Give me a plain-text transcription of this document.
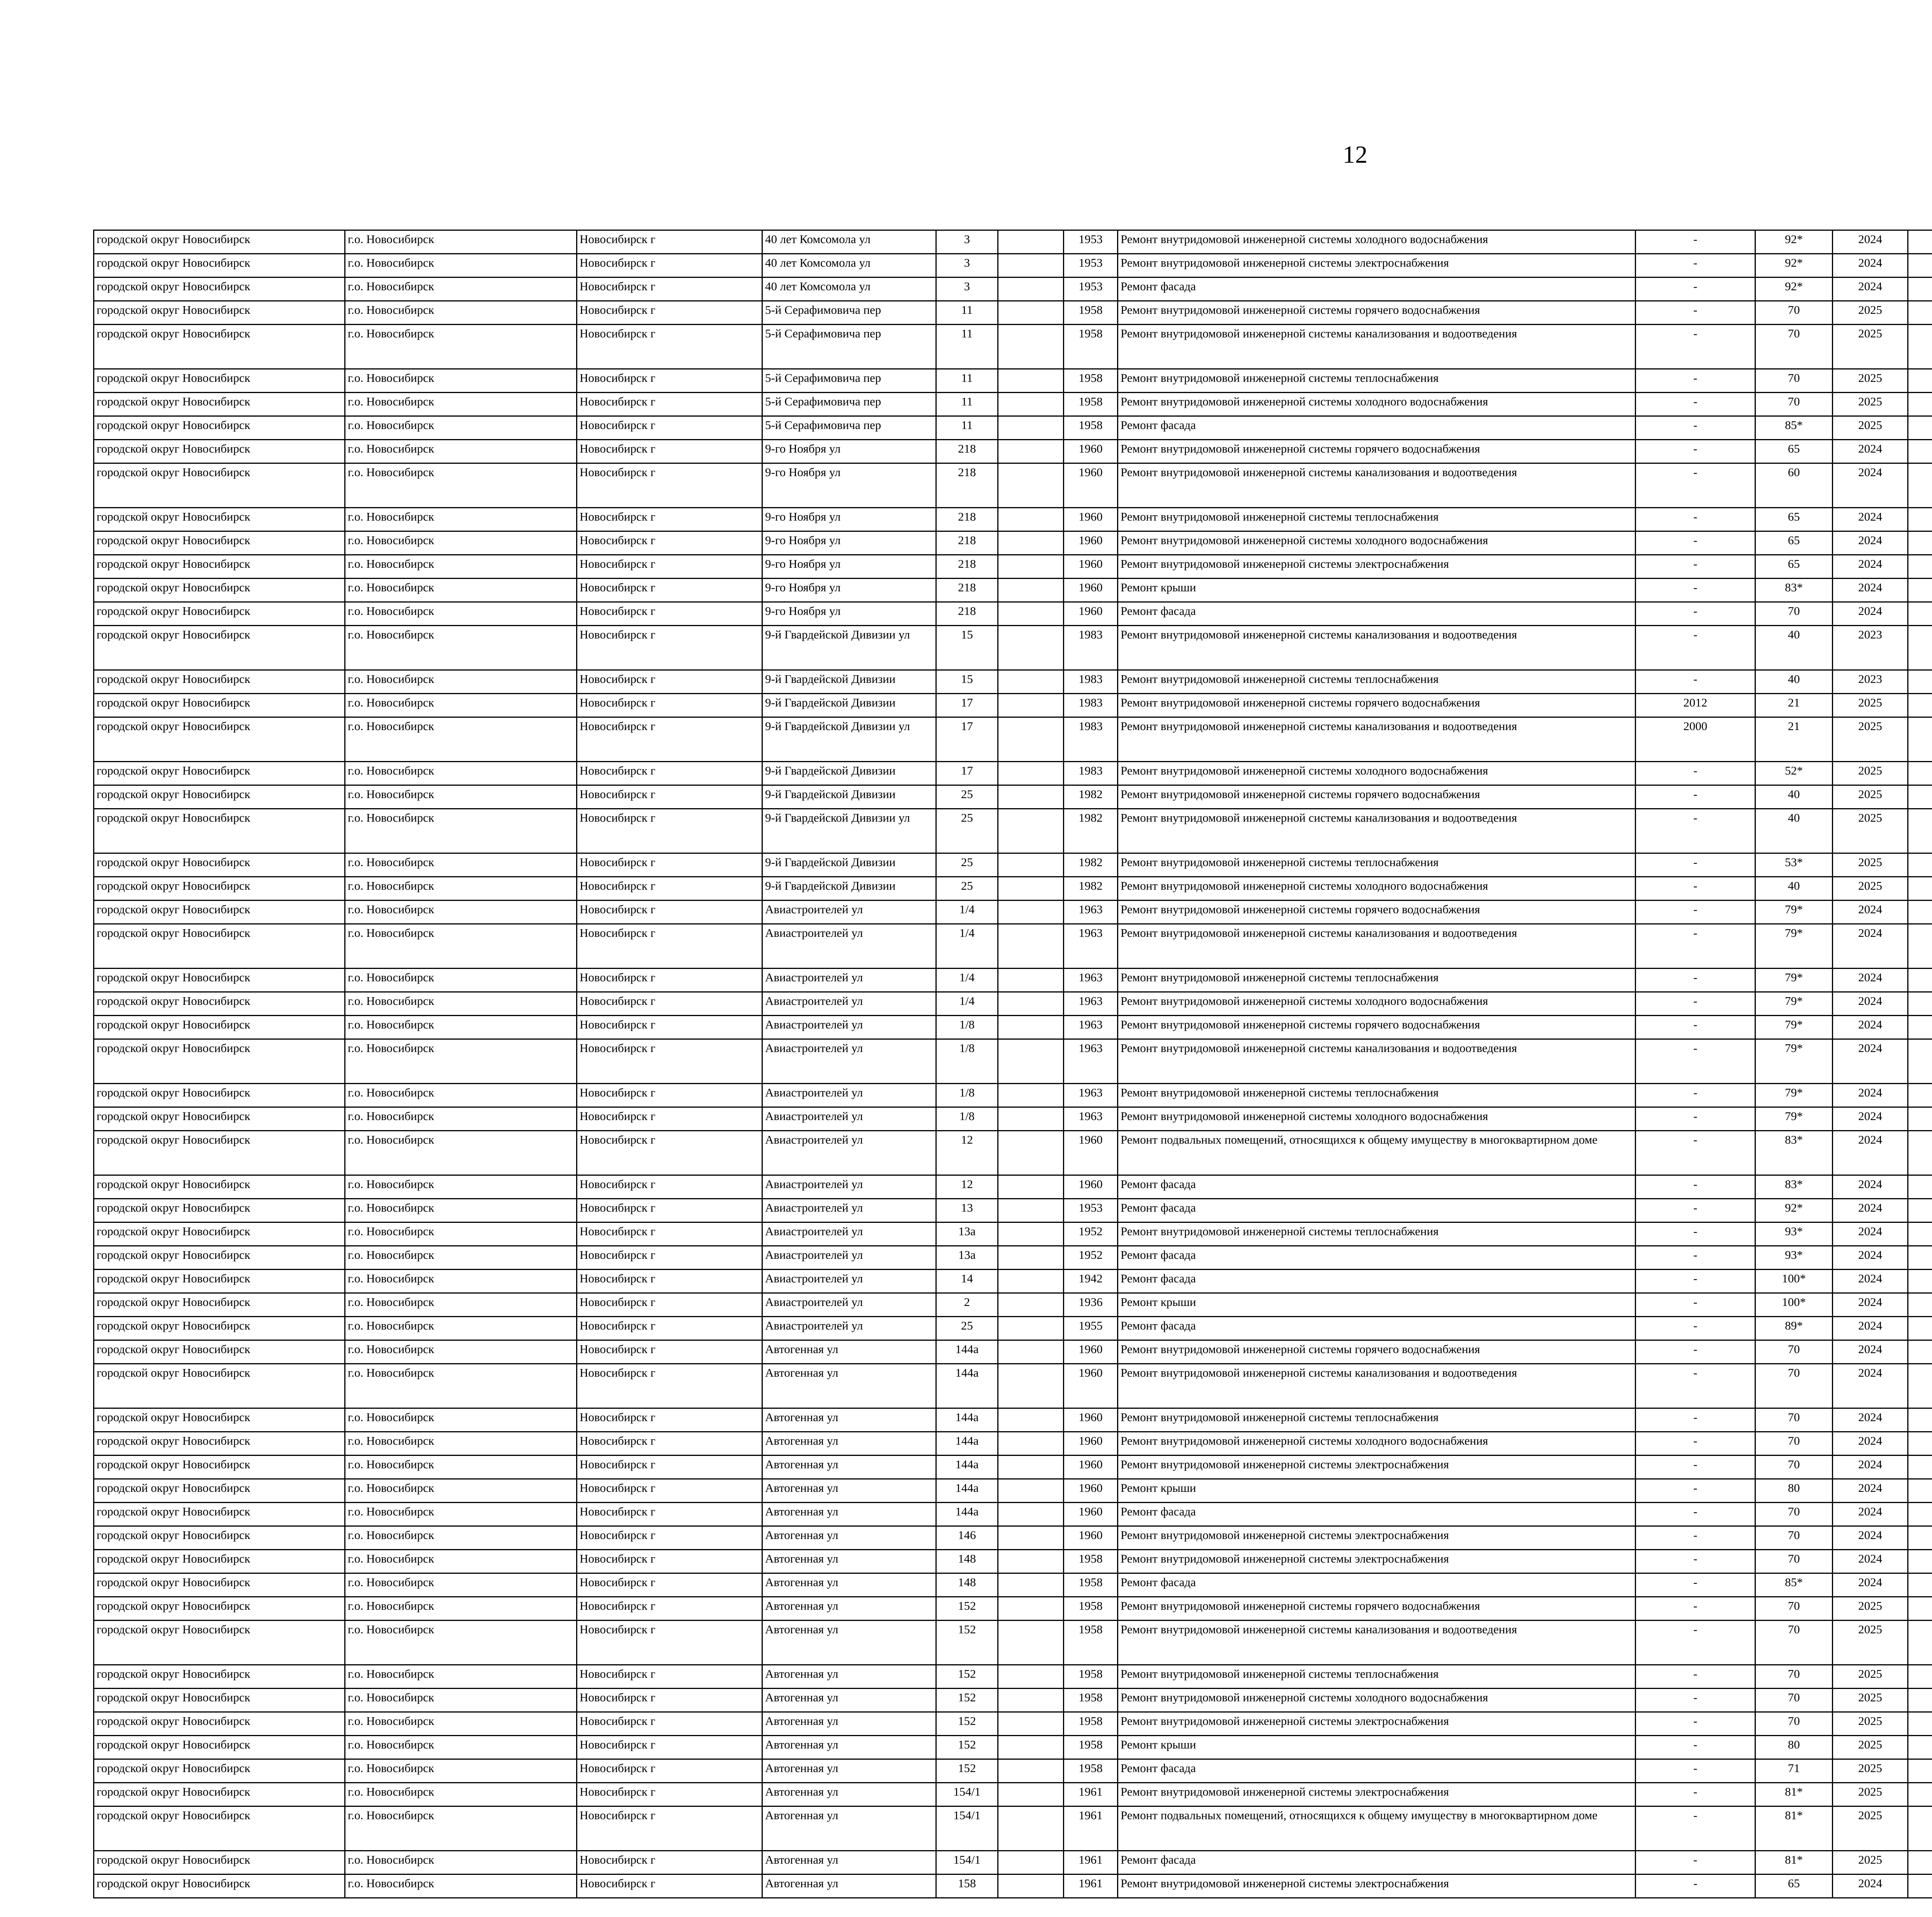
12
городской округ Новосибирск	г.о. Новосибирск	Новосибирск г	40 лет Комсомола ул	3		1953	Ремонт внутридомовой инженерной системы холодного водоснабжения	-	92*	2024						
городской округ Новосибирск	г.о. Новосибирск	Новосибирск г	40 лет Комсомола ул	3		1953	Ремонт внутридомовой инженерной системы электроснабжения	-	92*	2024						
городской округ Новосибирск	г.о. Новосибирск	Новосибирск г	40 лет Комсомола ул	3		1953	Ремонт фасада	-	92*	2024						
городской округ Новосибирск	г.о. Новосибирск	Новосибирск г	5-й Серафимовича пер	11		1958	Ремонт внутридомовой инженерной системы горячего водоснабжения	-	70	2025						
городской округ Новосибирск	г.о. Новосибирск	Новосибирск г	5-й Серафимовича пер	11		1958	Ремонт внутридомовой инженерной системы канализования и водоотведения	-	70	2025						
городской округ Новосибирск	г.о. Новосибирск	Новосибирск г	5-й Серафимовича пер	11		1958	Ремонт внутридомовой инженерной системы теплоснабжения	-	70	2025						
городской округ Новосибирск	г.о. Новосибирск	Новосибирск г	5-й Серафимовича пер	11		1958	Ремонт внутридомовой инженерной системы холодного водоснабжения	-	70	2025						
городской округ Новосибирск	г.о. Новосибирск	Новосибирск г	5-й Серафимовича пер	11		1958	Ремонт фасада	-	85*	2025						
городской округ Новосибирск	г.о. Новосибирск	Новосибирск г	9-го Ноября ул	218		1960	Ремонт внутридомовой инженерной системы горячего водоснабжения	-	65	2024						
городской округ Новосибирск	г.о. Новосибирск	Новосибирск г	9-го Ноября ул	218		1960	Ремонт внутридомовой инженерной системы канализования и водоотведения	-	60	2024						
городской округ Новосибирск	г.о. Новосибирск	Новосибирск г	9-го Ноября ул	218		1960	Ремонт внутридомовой инженерной системы теплоснабжения	-	65	2024						
городской округ Новосибирск	г.о. Новосибирск	Новосибирск г	9-го Ноября ул	218		1960	Ремонт внутридомовой инженерной системы холодного водоснабжения	-	65	2024						
городской округ Новосибирск	г.о. Новосибирск	Новосибирск г	9-го Ноября ул	218		1960	Ремонт внутридомовой инженерной системы электроснабжения	-	65	2024						
городской округ Новосибирск	г.о. Новосибирск	Новосибирск г	9-го Ноября ул	218		1960	Ремонт крыши	-	83*	2024						
городской округ Новосибирск	г.о. Новосибирск	Новосибирск г	9-го Ноября ул	218		1960	Ремонт фасада	-	70	2024						
городской округ Новосибирск	г.о. Новосибирск	Новосибирск г	9-й Гвардейской Дивизии ул	15		1983	Ремонт внутридомовой инженерной системы канализования и водоотведения	-	40	2023						
городской округ Новосибирск	г.о. Новосибирск	Новосибирск г	9-й Гвардейской Дивизии	15		1983	Ремонт внутридомовой инженерной системы теплоснабжения	-	40	2023						
городской округ Новосибирск	г.о. Новосибирск	Новосибирск г	9-й Гвардейской Дивизии	17		1983	Ремонт внутридомовой инженерной системы горячего водоснабжения	2012	21	2025						
городской округ Новосибирск	г.о. Новосибирск	Новосибирск г	9-й Гвардейской Дивизии ул	17		1983	Ремонт внутридомовой инженерной системы канализования и водоотведения	2000	21	2025						
городской округ Новосибирск	г.о. Новосибирск	Новосибирск г	9-й Гвардейской Дивизии	17		1983	Ремонт внутридомовой инженерной системы холодного водоснабжения	-	52*	2025						
городской округ Новосибирск	г.о. Новосибирск	Новосибирск г	9-й Гвардейской Дивизии	25		1982	Ремонт внутридомовой инженерной системы горячего водоснабжения	-	40	2025						
городской округ Новосибирск	г.о. Новосибирск	Новосибирск г	9-й Гвардейской Дивизии ул	25		1982	Ремонт внутридомовой инженерной системы канализования и водоотведения	-	40	2025						
городской округ Новосибирск	г.о. Новосибирск	Новосибирск г	9-й Гвардейской Дивизии	25		1982	Ремонт внутридомовой инженерной системы теплоснабжения	-	53*	2025						
городской округ Новосибирск	г.о. Новосибирск	Новосибирск г	9-й Гвардейской Дивизии	25		1982	Ремонт внутридомовой инженерной системы холодного водоснабжения	-	40	2025						
городской округ Новосибирск	г.о. Новосибирск	Новосибирск г	Авиастроителей ул	1/4		1963	Ремонт внутридомовой инженерной системы горячего водоснабжения	-	79*	2024						
городской округ Новосибирск	г.о. Новосибирск	Новосибирск г	Авиастроителей ул	1/4		1963	Ремонт внутридомовой инженерной системы канализования и водоотведения	-	79*	2024						
городской округ Новосибирск	г.о. Новосибирск	Новосибирск г	Авиастроителей ул	1/4		1963	Ремонт внутридомовой инженерной системы теплоснабжения	-	79*	2024						
городской округ Новосибирск	г.о. Новосибирск	Новосибирск г	Авиастроителей ул	1/4		1963	Ремонт внутридомовой инженерной системы холодного водоснабжения	-	79*	2024						
городской округ Новосибирск	г.о. Новосибирск	Новосибирск г	Авиастроителей ул	1/8		1963	Ремонт внутридомовой инженерной системы горячего водоснабжения	-	79*	2024						
городской округ Новосибирск	г.о. Новосибирск	Новосибирск г	Авиастроителей ул	1/8		1963	Ремонт внутридомовой инженерной системы канализования и водоотведения	-	79*	2024						
городской округ Новосибирск	г.о. Новосибирск	Новосибирск г	Авиастроителей ул	1/8		1963	Ремонт внутридомовой инженерной системы теплоснабжения	-	79*	2024						
городской округ Новосибирск	г.о. Новосибирск	Новосибирск г	Авиастроителей ул	1/8		1963	Ремонт внутридомовой инженерной системы холодного водоснабжения	-	79*	2024						
городской округ Новосибирск	г.о. Новосибирск	Новосибирск г	Авиастроителей ул	12		1960	Ремонт подвальных помещений, относящихся к общему имуществу в многоквартирном доме	-	83*	2024						
городской округ Новосибирск	г.о. Новосибирск	Новосибирск г	Авиастроителей ул	12		1960	Ремонт фасада	-	83*	2024						
городской округ Новосибирск	г.о. Новосибирск	Новосибирск г	Авиастроителей ул	13		1953	Ремонт фасада	-	92*	2024						
городской округ Новосибирск	г.о. Новосибирск	Новосибирск г	Авиастроителей ул	13а		1952	Ремонт внутридомовой инженерной системы теплоснабжения	-	93*	2024						
городской округ Новосибирск	г.о. Новосибирск	Новосибирск г	Авиастроителей ул	13а		1952	Ремонт фасада	-	93*	2024						
городской округ Новосибирск	г.о. Новосибирск	Новосибирск г	Авиастроителей ул	14		1942	Ремонт фасада	-	100*	2024						
городской округ Новосибирск	г.о. Новосибирск	Новосибирск г	Авиастроителей ул	2		1936	Ремонт крыши	-	100*	2024						
городской округ Новосибирск	г.о. Новосибирск	Новосибирск г	Авиастроителей ул	25		1955	Ремонт фасада	-	89*	2024						
городской округ Новосибирск	г.о. Новосибирск	Новосибирск г	Автогенная ул	144а		1960	Ремонт внутридомовой инженерной системы горячего водоснабжения	-	70	2024						
городской округ Новосибирск	г.о. Новосибирск	Новосибирск г	Автогенная ул	144а		1960	Ремонт внутридомовой инженерной системы канализования и водоотведения	-	70	2024						
городской округ Новосибирск	г.о. Новосибирск	Новосибирск г	Автогенная ул	144а		1960	Ремонт внутридомовой инженерной системы теплоснабжения	-	70	2024						
городской округ Новосибирск	г.о. Новосибирск	Новосибирск г	Автогенная ул	144а		1960	Ремонт внутридомовой инженерной системы холодного водоснабжения	-	70	2024						
городской округ Новосибирск	г.о. Новосибирск	Новосибирск г	Автогенная ул	144а		1960	Ремонт внутридомовой инженерной системы электроснабжения	-	70	2024						
городской округ Новосибирск	г.о. Новосибирск	Новосибирск г	Автогенная ул	144а		1960	Ремонт крыши	-	80	2024						
городской округ Новосибирск	г.о. Новосибирск	Новосибирск г	Автогенная ул	144а		1960	Ремонт фасада	-	70	2024						
городской округ Новосибирск	г.о. Новосибирск	Новосибирск г	Автогенная ул	146		1960	Ремонт внутридомовой инженерной системы электроснабжения	-	70	2024						
городской округ Новосибирск	г.о. Новосибирск	Новосибирск г	Автогенная ул	148		1958	Ремонт внутридомовой инженерной системы электроснабжения	-	70	2024						
городской округ Новосибирск	г.о. Новосибирск	Новосибирск г	Автогенная ул	148		1958	Ремонт фасада	-	85*	2024						
городской округ Новосибирск	г.о. Новосибирск	Новосибирск г	Автогенная ул	152		1958	Ремонт внутридомовой инженерной системы горячего водоснабжения	-	70	2025						
городской округ Новосибирск	г.о. Новосибирск	Новосибирск г	Автогенная ул	152		1958	Ремонт внутридомовой инженерной системы канализования и водоотведения	-	70	2025						
городской округ Новосибирск	г.о. Новосибирск	Новосибирск г	Автогенная ул	152		1958	Ремонт внутридомовой инженерной системы теплоснабжения	-	70	2025						
городской округ Новосибирск	г.о. Новосибирск	Новосибирск г	Автогенная ул	152		1958	Ремонт внутридомовой инженерной системы холодного водоснабжения	-	70	2025						
городской округ Новосибирск	г.о. Новосибирск	Новосибирск г	Автогенная ул	152		1958	Ремонт внутридомовой инженерной системы электроснабжения	-	70	2025						
городской округ Новосибирск	г.о. Новосибирск	Новосибирск г	Автогенная ул	152		1958	Ремонт крыши	-	80	2025						
городской округ Новосибирск	г.о. Новосибирск	Новосибирск г	Автогенная ул	152		1958	Ремонт фасада	-	71	2025						
городской округ Новосибирск	г.о. Новосибирск	Новосибирск г	Автогенная ул	154/1		1961	Ремонт внутридомовой инженерной системы электроснабжения	-	81*	2025						
городской округ Новосибирск	г.о. Новосибирск	Новосибирск г	Автогенная ул	154/1		1961	Ремонт подвальных помещений, относящихся к общему имуществу в многоквартирном доме	-	81*	2025						
городской округ Новосибирск	г.о. Новосибирск	Новосибирск г	Автогенная ул	154/1		1961	Ремонт фасада	-	81*	2025						
городской округ Новосибирск	г.о. Новосибирск	Новосибирск г	Автогенная ул	158		1961	Ремонт внутридомовой инженерной системы электроснабжения	-	65	2024						
